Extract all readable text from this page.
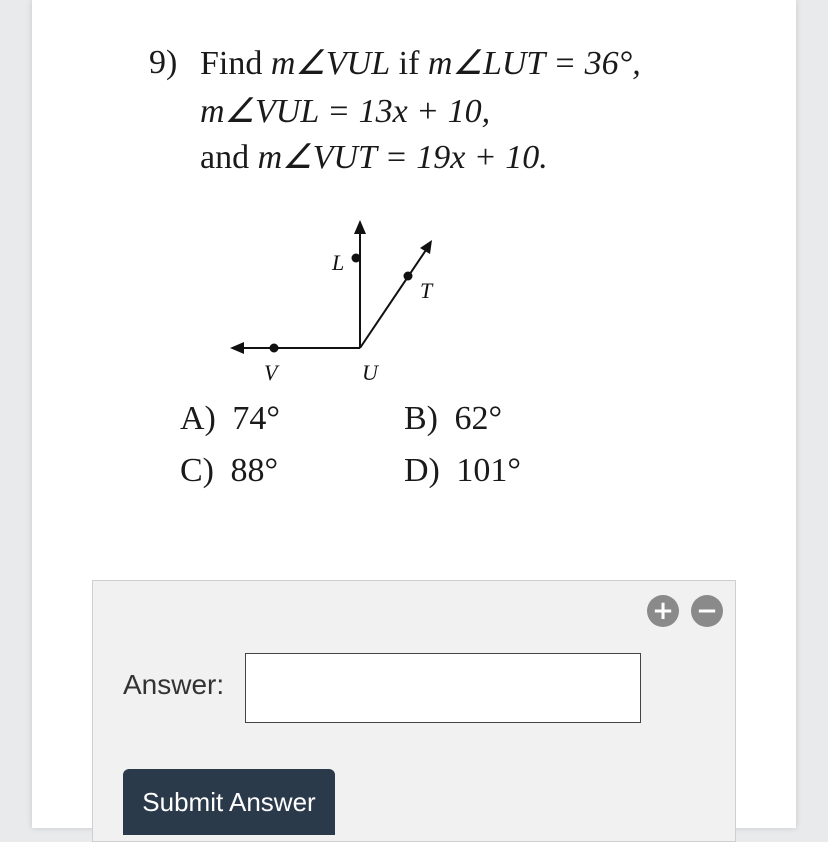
9) Find m∠VUL if m∠LUT = 36°,
m∠VUL = 13x + 10,
and m∠VUT = 19x + 10.
L
T
V	U
A) 74°	B) 62°
C) 88°	D) 101°
+ −
Answer:
Submit Answer
